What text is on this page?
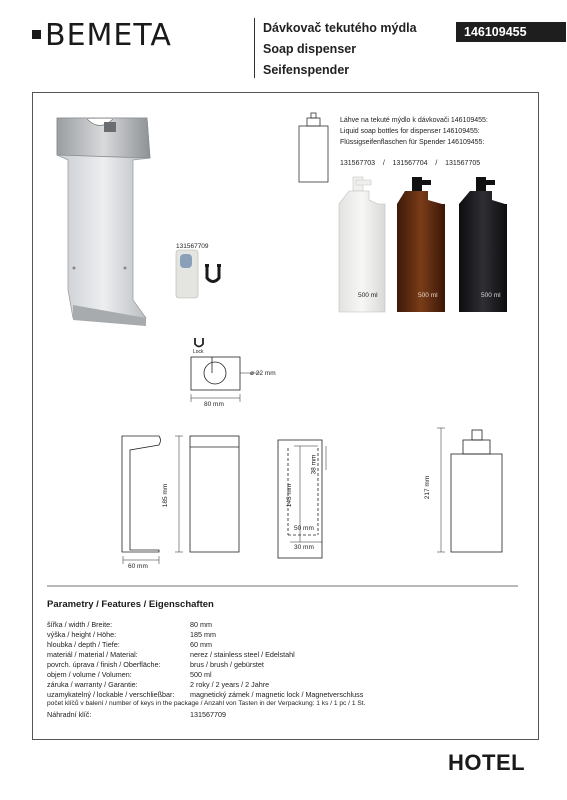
BEMETA	Dávkovač tekutého mýdla
Soap dispenser
Seifenspender
146109455
Láhve na tekuté mýdlo k dávkovači 146109455:
Liquid soap bottles for dispenser 146109455:
Flüssigseifenflaschen für Spender 146109455:
131567703    /    131567704    /    131567705
500 ml	500 ml	500 ml
131567709
Lock
ø 22 mm
80 mm
60 mm
185 mm	143 mm
38 mm
50 mm
30 mm
217 mm
Parametry / Features / Eigenschaften
šířka / width / Breite:	80 mm
výška / height / Höhe:	185 mm
hloubka / depth / Tiefe:	60 mm
materiál / material / Material:	nerez / stainless steel / Edelstahl
povrch. úprava / finish / Oberfläche:	brus / brush / gebürstet
objem / volume / Volumen:	500 ml
záruka / warranty / Garantie:	2 roky / 2 years / 2 Jahre
uzamykatelný / lockable / verschließbar: magnetický zámek / magnetic lock / Magnetverschluss
počet klíčů v balení / number of keys in the package / Anzahl von Tasten in der Verpackung: 1 ks / 1 pc / 1 St.
Náhradní klíč:	131567709
HOTEL
